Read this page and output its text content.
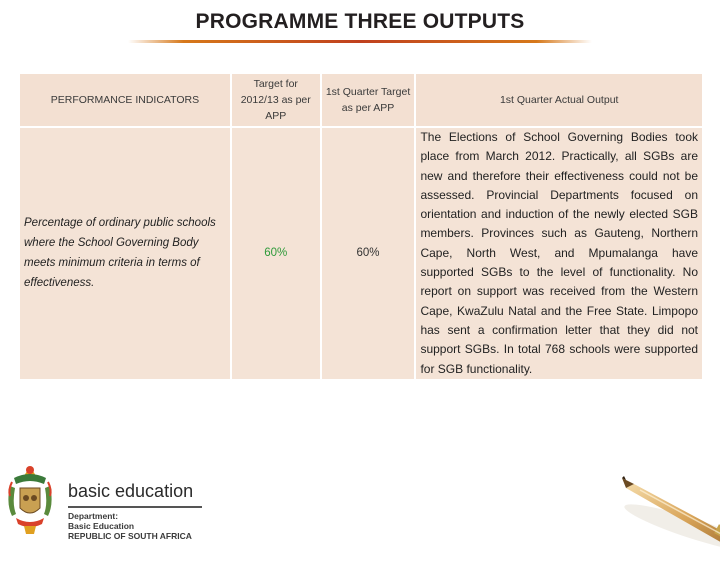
PROGRAMME THREE OUTPUTS
PERFORMANCE INDICATORS	Target for 2012/13 as per APP	1st Quarter Target as per APP	1st Quarter Actual Output

Percentage of ordinary public schools where the School Governing Body meets minimum criteria in terms of effectiveness.	60%	60%	The Elections of School Governing Bodies took place from March 2012. Practically, all SGBs are new and therefore their effectiveness could not be assessed. Provincial Departments focused on orientation and induction of the newly elected SGB members. Provinces such as Gauteng, Northern Cape, North West, and Mpumalanga have supported SGBs to the level of functionality. No report on support was received from the Western Cape, KwaZulu Natal and the Free State. Limpopo has sent a confirmation letter that they did not support SGBs. In total 768 schools were supported for SGB functionality.
basic education
Department:
Basic Education
REPUBLIC OF SOUTH AFRICA
